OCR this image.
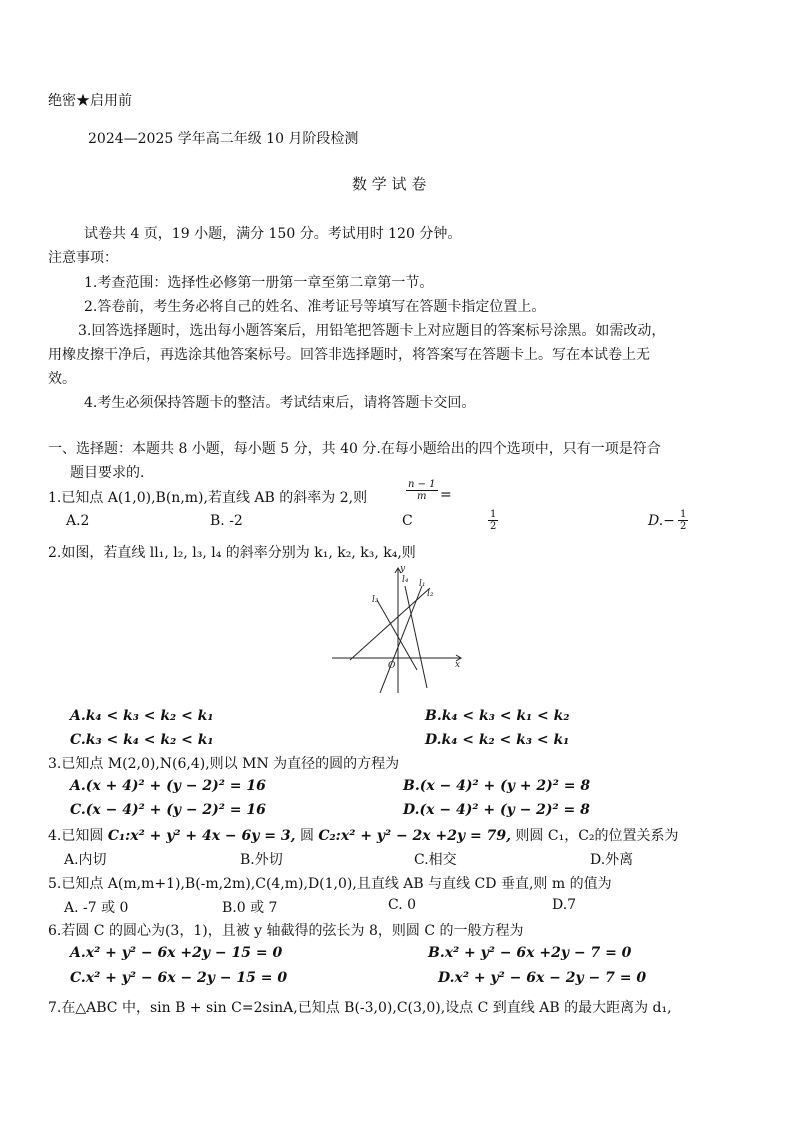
绝密★启用前
2024—2025 学年高二年级 10 月阶段检测
数 学 试 卷
试卷共 4 页，19 小题，满分 150 分。考试用时 120 分钟。
注意事项：
1.考查范围：选择性必修第一册第一章至第二章第一节。
2.答卷前，考生务必将自己的姓名、准考证号等填写在答题卡指定位置上。
3.回答选择题时，选出每小题答案后，用铅笔把答题卡上对应题目的答案标号涂黑。如需改动，
用橡皮擦干净后，再选涂其他答案标号。回答非选择题时，将答案写在答题卡上。写在本试卷上无
效。
4.考生必须保持答题卡的整洁。考试结束后，请将答题卡交回。
一、选择题：本题共 8 小题，每小题 5 分，共 40 分.在每小题给出的四个选项中，只有一项是符合
题目要求的.
1.已知点 A(1,0),B(n,m),若直线 AB 的斜率为 2,则	$\frac{n - 1}{m}$ =
A.2	B. -2	C	$\frac{1}{2}$	$D.- \frac{1}{2}$
2.如图，若直线 ll₁, l₂, l₃, l₄ 的斜率分别为 k₁, k₂, k₃, k₄,则
y
x
O
l₁
l₂
l₃
l₄
A.k₄ < k₃ < k₂ < k₁	B.k₄ < k₃ < k₁ < k₂
C.k₃ < k₄ < k₂ < k₁	D.k₄ < k₂ < k₃ < k₁
3.已知点 M(2,0),N(6,4),则以 MN 为直径的圆的方程为
A.(x + 4)² + (y − 2)² = 16	B.(x − 4)² + (y + 2)² = 8
C.(x − 4)² + (y − 2)² = 16	D.(x − 4)² + (y − 2)² = 8
4.已知圆 C₁:x² + y² + 4x − 6y = 3, 圆 C₂:x² + y² − 2x +2y = 79, 则圆 C₁，C₂的位置关系为
A.内切	B.外切	C.相交	D.外离
5.已知点 A(m,m+1),B(-m,2m),C(4,m),D(1,0),且直线 AB 与直线 CD 垂直,则 m 的值为
A. -7 或 0	B.0 或 7	C. 0	D.7
6.若圆 C 的圆心为(3，1)，且被 y 轴截得的弦长为 8，则圆 C 的一般方程为
A.x² + y² − 6x +2y − 15 = 0	B.x² + y² − 6x +2y − 7 = 0
C.x² + y² − 6x − 2y − 15 = 0	D.x² + y² − 6x − 2y − 7 = 0
7.在△ABC 中，sin B + sin C=2sinA,已知点 B(-3,0),C(3,0),设点 C 到直线 AB 的最大距离为 d₁,
